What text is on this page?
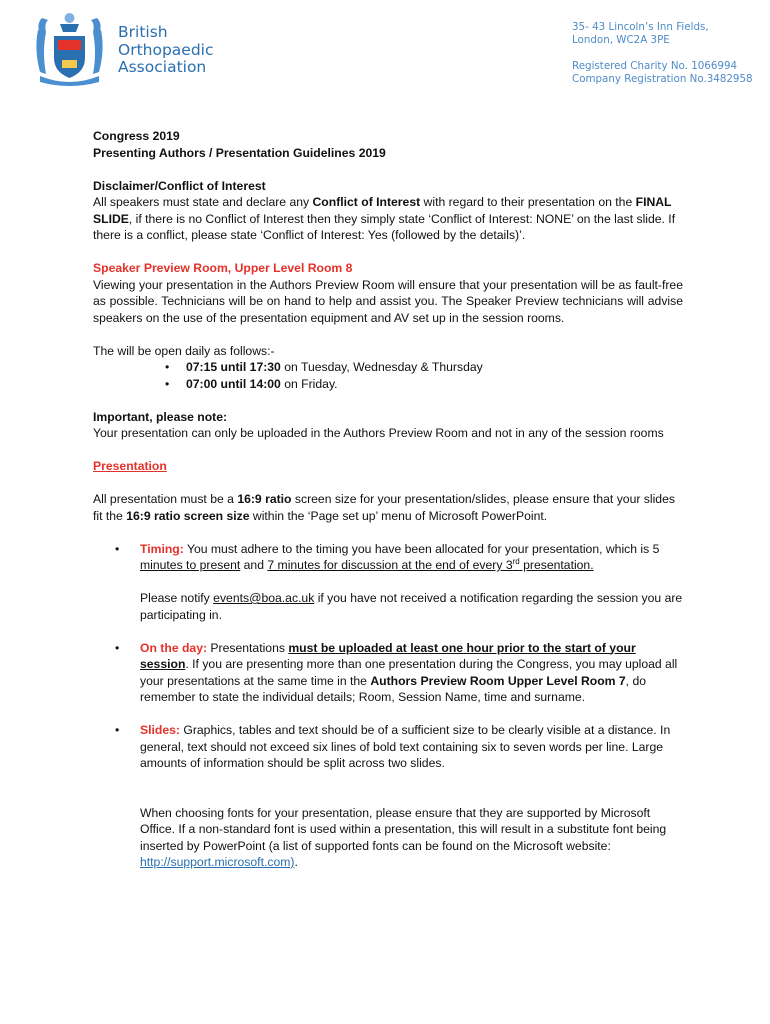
British
Orthopaedic
Association
35- 43 Lincoln’s Inn Fields,
London, WC2A 3PE
Registered Charity No. 1066994
Company Registration No.3482958

Congress 2019

Presenting Authors / Presentation Guidelines 2019

Disclaimer/Conflict of Interest

All speakers must state and declare any Conflict of Interest with regard to their presentation on the FINAL SLIDE, if there is no Conflict of Interest then they simply state ‘Conflict of Interest: NONE’ on the last slide. If there is a conflict, please state ‘Conflict of Interest: Yes (followed by the details)’.

Speaker Preview Room, Upper Level Room 8

Viewing your presentation in the Authors Preview Room will ensure that your presentation will be as fault-free as possible. Technicians will be on hand to help and assist you. The Speaker Preview technicians will advise speakers on the use of the presentation equipment and AV set up in the session rooms.

The will be open daily as follows:-

• 07:15 until 17:30 on Tuesday, Wednesday & Thursday
• 07:00 until 14:00 on Friday.

Important, please note:

Your presentation can only be uploaded in the Authors Preview Room and not in any of the session rooms

Presentation

All presentation must be a 16:9 ratio screen size for your presentation/slides, please ensure that your slides fit the 16:9 ratio screen size within the ‘Page set up’ menu of Microsoft PowerPoint.

• Timing: You must adhere to the timing you have been allocated for your presentation, which is 5 minutes to present and 7 minutes for discussion at the end of every 3rd presentation.

Please notify events@boa.ac.uk if you have not received a notification regarding the session you are participating in.

• On the day: Presentations must be uploaded at least one hour prior to the start of your session. If you are presenting more than one presentation during the Congress, you may upload all your presentations at the same time in the Authors Preview Room Upper Level Room 7, do remember to state the individual details; Room, Session Name, time and surname.
• Slides: Graphics, tables and text should be of a sufficient size to be clearly visible at a distance. In general, text should not exceed six lines of bold text containing six to seven words per line. Large amounts of information should be split across two slides.

When choosing fonts for your presentation, please ensure that they are supported by Microsoft Office. If a non-standard font is used within a presentation, this will result in a substitute font being inserted by PowerPoint (a list of supported fonts can be found on the Microsoft website: http://support.microsoft.com).
